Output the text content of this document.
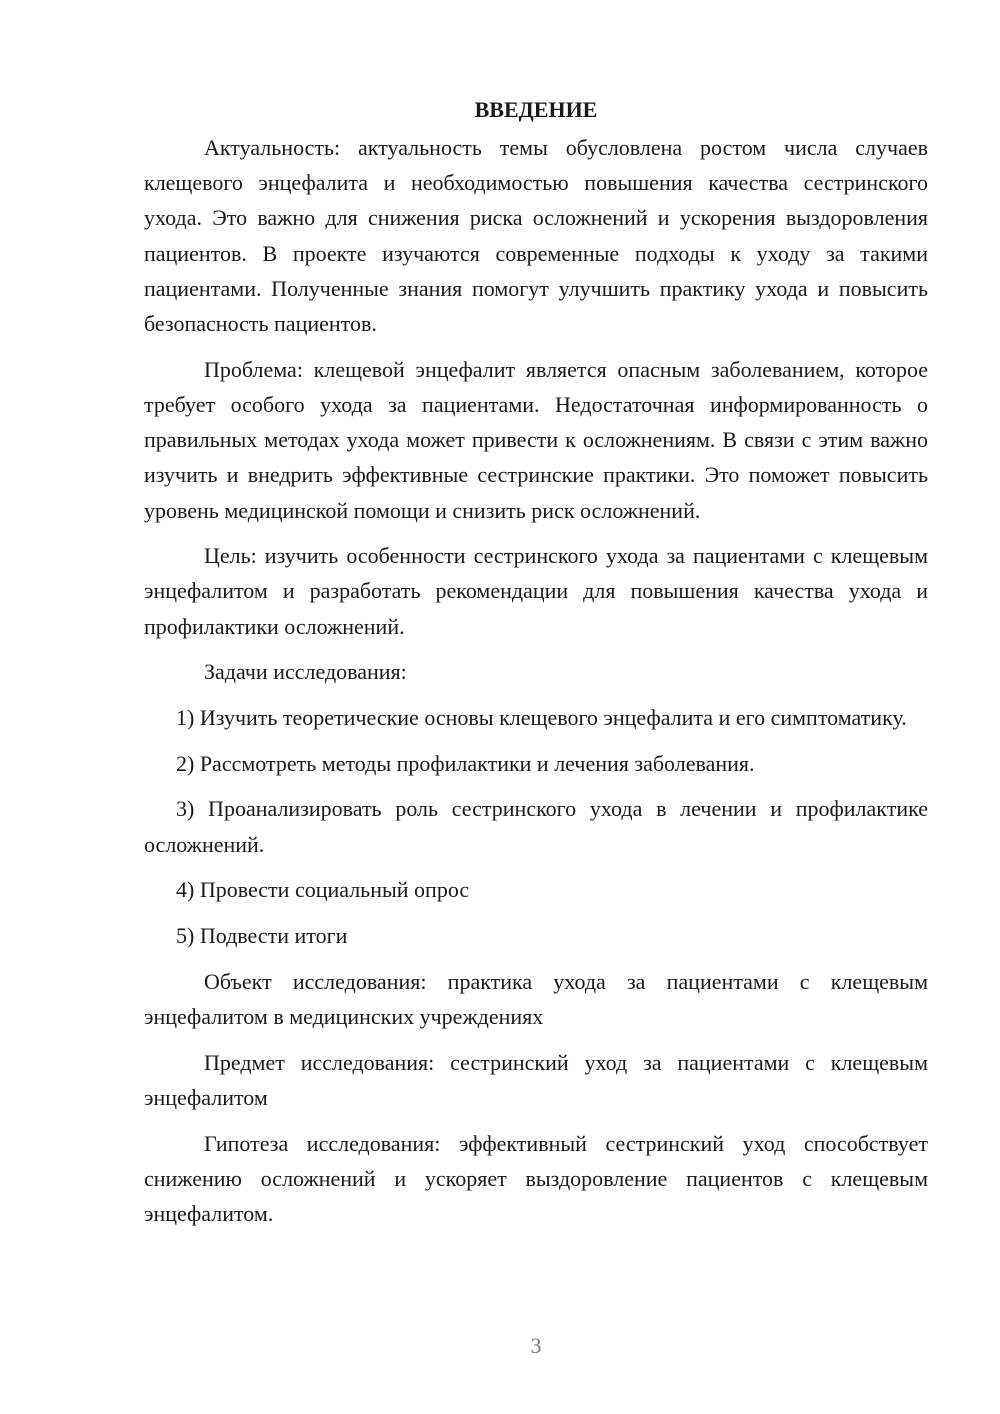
ВВЕДЕНИЕ

Актуальность: актуальность темы обусловлена ростом числа случаев клещевого энцефалита и необходимостью повышения качества сестринского ухода. Это важно для снижения риска осложнений и ускорения выздоровления пациентов. В проекте изучаются современные подходы к уходу за такими пациентами. Полученные знания помогут улучшить практику ухода и повысить безопасность пациентов.

Проблема: клещевой энцефалит является опасным заболеванием, которое требует особого ухода за пациентами. Недостаточная информированность о правильных методах ухода может привести к осложнениям. В связи с этим важно изучить и внедрить эффективные сестринские практики. Это поможет повысить уровень медицинской помощи и снизить риск осложнений.

Цель: изучить особенности сестринского ухода за пациентами с клещевым энцефалитом и разработать рекомендации для повышения качества ухода и профилактики осложнений.

Задачи исследования:

1) Изучить теоретические основы клещевого энцефалита и его симптоматику.

2) Рассмотреть методы профилактики и лечения заболевания.

3) Проанализировать роль сестринского ухода в лечении и профилактике осложнений.

4) Провести социальный опрос

5) Подвести итоги

Объект исследования: практика ухода за пациентами с клещевым энцефалитом в медицинских учреждениях

Предмет исследования: сестринский уход за пациентами с клещевым энцефалитом

Гипотеза исследования: эффективный сестринский уход способствует снижению осложнений и ускоряет выздоровление пациентов с клещевым энцефалитом.

3
